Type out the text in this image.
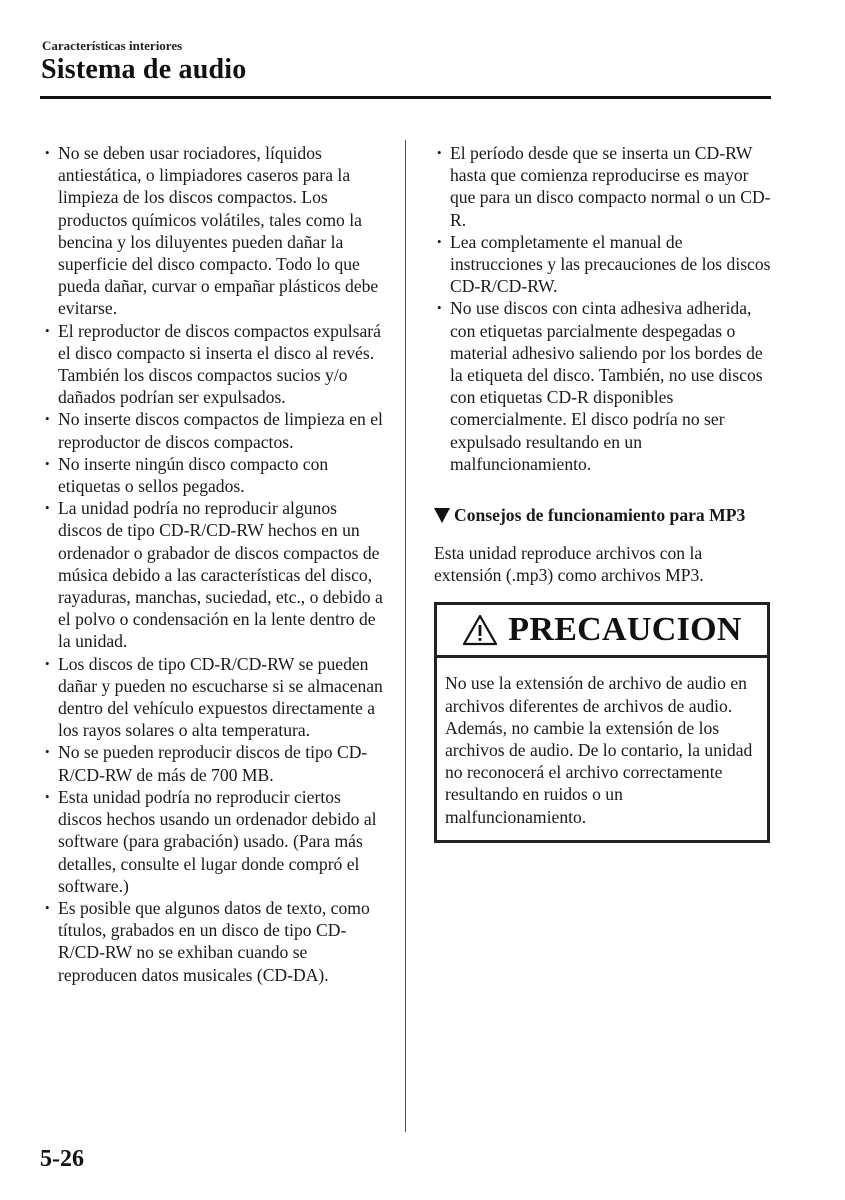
Características interiores
Sistema de audio
• No se deben usar rociadores, líquidos antiestática, o limpiadores caseros para la limpieza de los discos compactos. Los productos químicos volátiles, tales como la bencina y los diluyentes pueden dañar la superficie del disco compacto. Todo lo que pueda dañar, curvar o empañar plásticos debe evitarse.
• El reproductor de discos compactos expulsará el disco compacto si inserta el disco al revés. También los discos compactos sucios y/o dañados podrían ser expulsados.
• No inserte discos compactos de limpieza en el reproductor de discos compactos.
• No inserte ningún disco compacto con etiquetas o sellos pegados.
• La unidad podría no reproducir algunos discos de tipo CD-R/CD-RW hechos en un ordenador o grabador de discos compactos de música debido a las características del disco, rayaduras, manchas, suciedad, etc., o debido a el polvo o condensación en la lente dentro de la unidad.
• Los discos de tipo CD-R/CD-RW se pueden dañar y pueden no escucharse si se almacenan dentro del vehículo expuestos directamente a los rayos solares o alta temperatura.
• No se pueden reproducir discos de tipo CD-R/CD-RW de más de 700 MB.
• Esta unidad podría no reproducir ciertos discos hechos usando un ordenador debido al software (para grabación) usado. (Para más detalles, consulte el lugar donde compró el software.)
• Es posible que algunos datos de texto, como títulos, grabados en un disco de tipo CD-R/CD-RW no se exhiban cuando se reproducen datos musicales (CD-DA).
• El período desde que se inserta un CD-RW hasta que comienza reproducirse es mayor que para un disco compacto normal o un CD-R.
• Lea completamente el manual de instrucciones y las precauciones de los discos CD-R/CD-RW.
• No use discos con cinta adhesiva adherida, con etiquetas parcialmente despegadas o material adhesivo saliendo por los bordes de la etiqueta del disco. También, no use discos con etiquetas CD-R disponibles comercialmente. El disco podría no ser expulsado resultando en un malfuncionamiento.
Consejos de funcionamiento para MP3
Esta unidad reproduce archivos con la extensión (.mp3) como archivos MP3.
PRECAUCION
No use la extensión de archivo de audio en archivos diferentes de archivos de audio. Además, no cambie la extensión de los archivos de audio. De lo contario, la unidad no reconocerá el archivo correctamente resultando en ruidos o un malfuncionamiento.
5-26
